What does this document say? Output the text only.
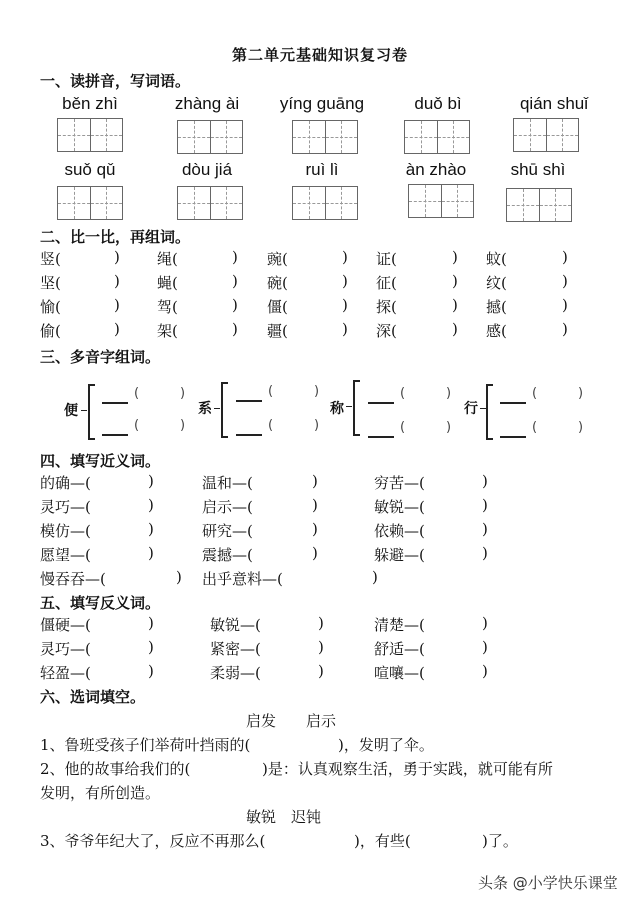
第二单元基础知识复习卷
一、读拼音，写词语。
běn zhì	zhàng ài	yíng guāng	duǒ bì	qián shuǐ
suǒ qǔ	dòu jiá	ruì lì	àn zhào	shū shì
二、比一比，再组词。
竖(	) 绳(	) 豌(	) 证(	) 蚊(	)
坚(	) 蝇(	) 碗(	) 征(	) 纹(	)
愉(	) 驾(	) 僵(	) 探(	) 撼(	)
偷(	) 架(	) 疆(	) 深(	) 感(	)
三、多音字组词。
便
(	)
(	)
系
(	)
(	)
称
(	)
(	)
行
(	)
(	)
四、填写近义词。
的确—(	)	温和—(	)	穷苦—(	)
灵巧—(	)	启示—(	)	敏锐—(	)
模仿—(	)	研究—(	)	依赖—(	)
愿望—(	)	震撼—(	)	躲避—(	)
慢吞吞—(	) 出乎意料—(	)
五、填写反义词。
僵硬—(	)	敏锐—(	)	清楚—(	)
灵巧—(	)	紧密—(	)	舒适—(	)
轻盈—(	)	柔弱—(	)	喧嚷—(	)
六、选词填空。
启发　　启示
1、鲁班受孩子们举荷叶挡雨的(	)，发明了伞。
2、他的故事给我们的(	)是：认真观察生活，勇于实践，就可能有所
发明，有所创造。
敏锐　迟钝
3、爷爷年纪大了，反应不再那么(	)，有些(	)了。
头条 @小学快乐课堂
